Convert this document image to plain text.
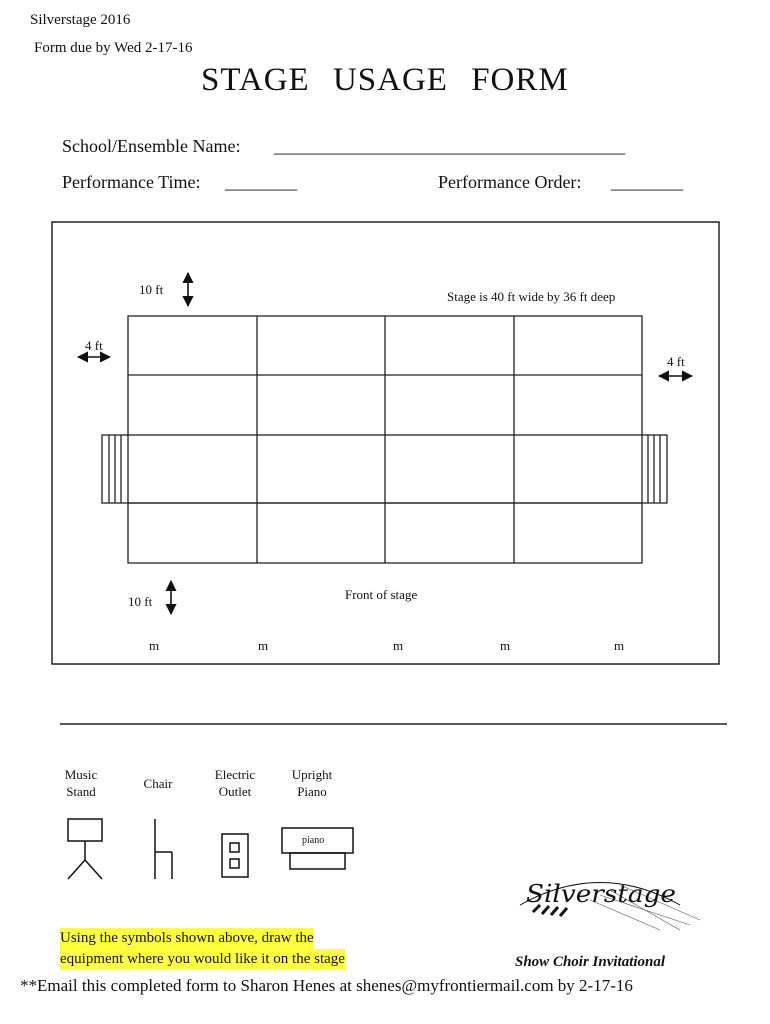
Silverstage 2016
Form due by Wed 2-17-16
STAGE USAGE FORM
School/Ensemble Name: _______________________________________
Performance Time: ________	Performance Order: ________
Silverstage
10 ft	Stage is 40 ft wide by 36 ft deep
4 ft
4 ft
Front of stage
10 ft
m	m	m	m	m
Music
Stand
Chair
Electric
Outlet
Upright
Piano
piano
Using the symbols shown above, draw the
equipment where you would like it on the stage	Show Choir Invitational
**Email this completed form to Sharon Henes at shenes@myfrontiermail.com by 2-17-16
